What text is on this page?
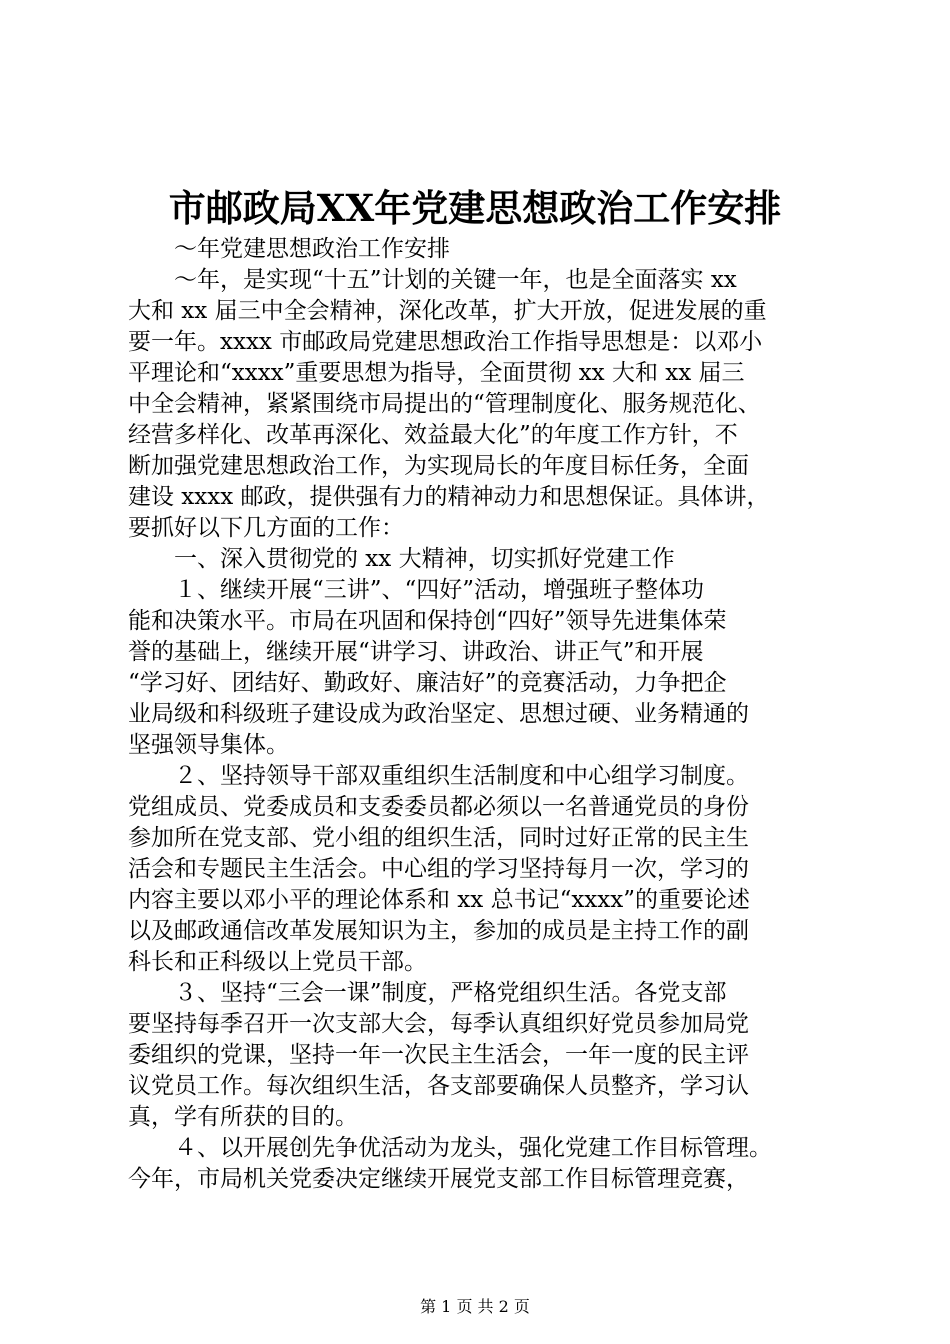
市邮政局XX年党建思想政治工作安排
　　～年党建思想政治工作安排
　　～年，是实现“十五”计划的关键一年，也是全面落实 xx
大和 xx 届三中全会精神，深化改革，扩大开放，促进发展的重
要一年。xxxx 市邮政局党建思想政治工作指导思想是：以邓小
平理论和“xxxx”重要思想为指导，全面贯彻 xx 大和 xx 届三
中全会精神，紧紧围绕市局提出的“管理制度化、服务规范化、
经营多样化、改革再深化、效益最大化”的年度工作方针，不
断加强党建思想政治工作，为实现局长的年度目标任务，全面
建设 xxxx 邮政，提供强有力的精神动力和思想保证。具体讲，
要抓好以下几方面的工作：
　　一、深入贯彻党的 xx 大精神，切实抓好党建工作
　　１、继续开展“三讲”、“四好”活动，增强班子整体功
能和决策水平。市局在巩固和保持创“四好”领导先进集体荣
誉的基础上，继续开展“讲学习、讲政治、讲正气”和开展
“学习好、团结好、勤政好、廉洁好”的竞赛活动，力争把企
业局级和科级班子建设成为政治坚定、思想过硬、业务精通的
坚强领导集体。
　　２、坚持领导干部双重组织生活制度和中心组学习制度。
党组成员、党委成员和支委委员都必须以一名普通党员的身份
参加所在党支部、党小组的组织生活，同时过好正常的民主生
活会和专题民主生活会。中心组的学习坚持每月一次，学习的
内容主要以邓小平的理论体系和 xx 总书记“xxxx”的重要论述
以及邮政通信改革发展知识为主，参加的成员是主持工作的副
科长和正科级以上党员干部。
　　３、坚持“三会一课”制度，严格党组织生活。各党支部
要坚持每季召开一次支部大会，每季认真组织好党员参加局党
委组织的党课，坚持一年一次民主生活会，一年一度的民主评
议党员工作。每次组织生活，各支部要确保人员整齐，学习认
真，学有所获的目的。
　　４、以开展创先争优活动为龙头，强化党建工作目标管理。
今年，市局机关党委决定继续开展党支部工作目标管理竞赛，
第 1 页 共 2 页
